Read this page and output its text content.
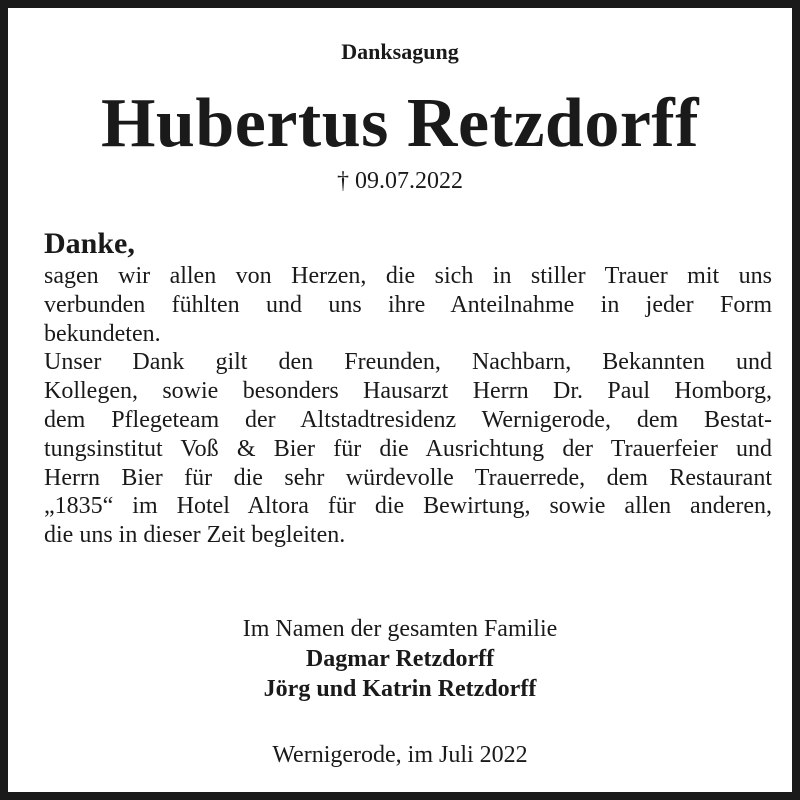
Danksagung
Hubertus Retzdorff
† 09.07.2022
Danke,

sagen wir allen von Herzen, die sich in stiller Trauer mit uns
verbunden fühlten und uns ihre Anteilnahme in jeder Form
bekundeten.

Unser Dank gilt den Freunden, Nachbarn, Bekannten und
Kollegen, sowie besonders Hausarzt Herrn Dr. Paul Homborg,
dem Pflegeteam der Altstadtresidenz Wernigerode, dem Bestat-
tungsinstitut Voß & Bier für die Ausrichtung der Trauerfeier und
Herrn Bier für die sehr würdevolle Trauerrede, dem Restaurant
„1835“ im Hotel Altora für die Bewirtung, sowie allen anderen,
die uns in dieser Zeit begleiten.

Im Namen der gesamten Familie
Dagmar Retzdorff
Jörg und Katrin Retzdorff
Wernigerode, im Juli 2022
